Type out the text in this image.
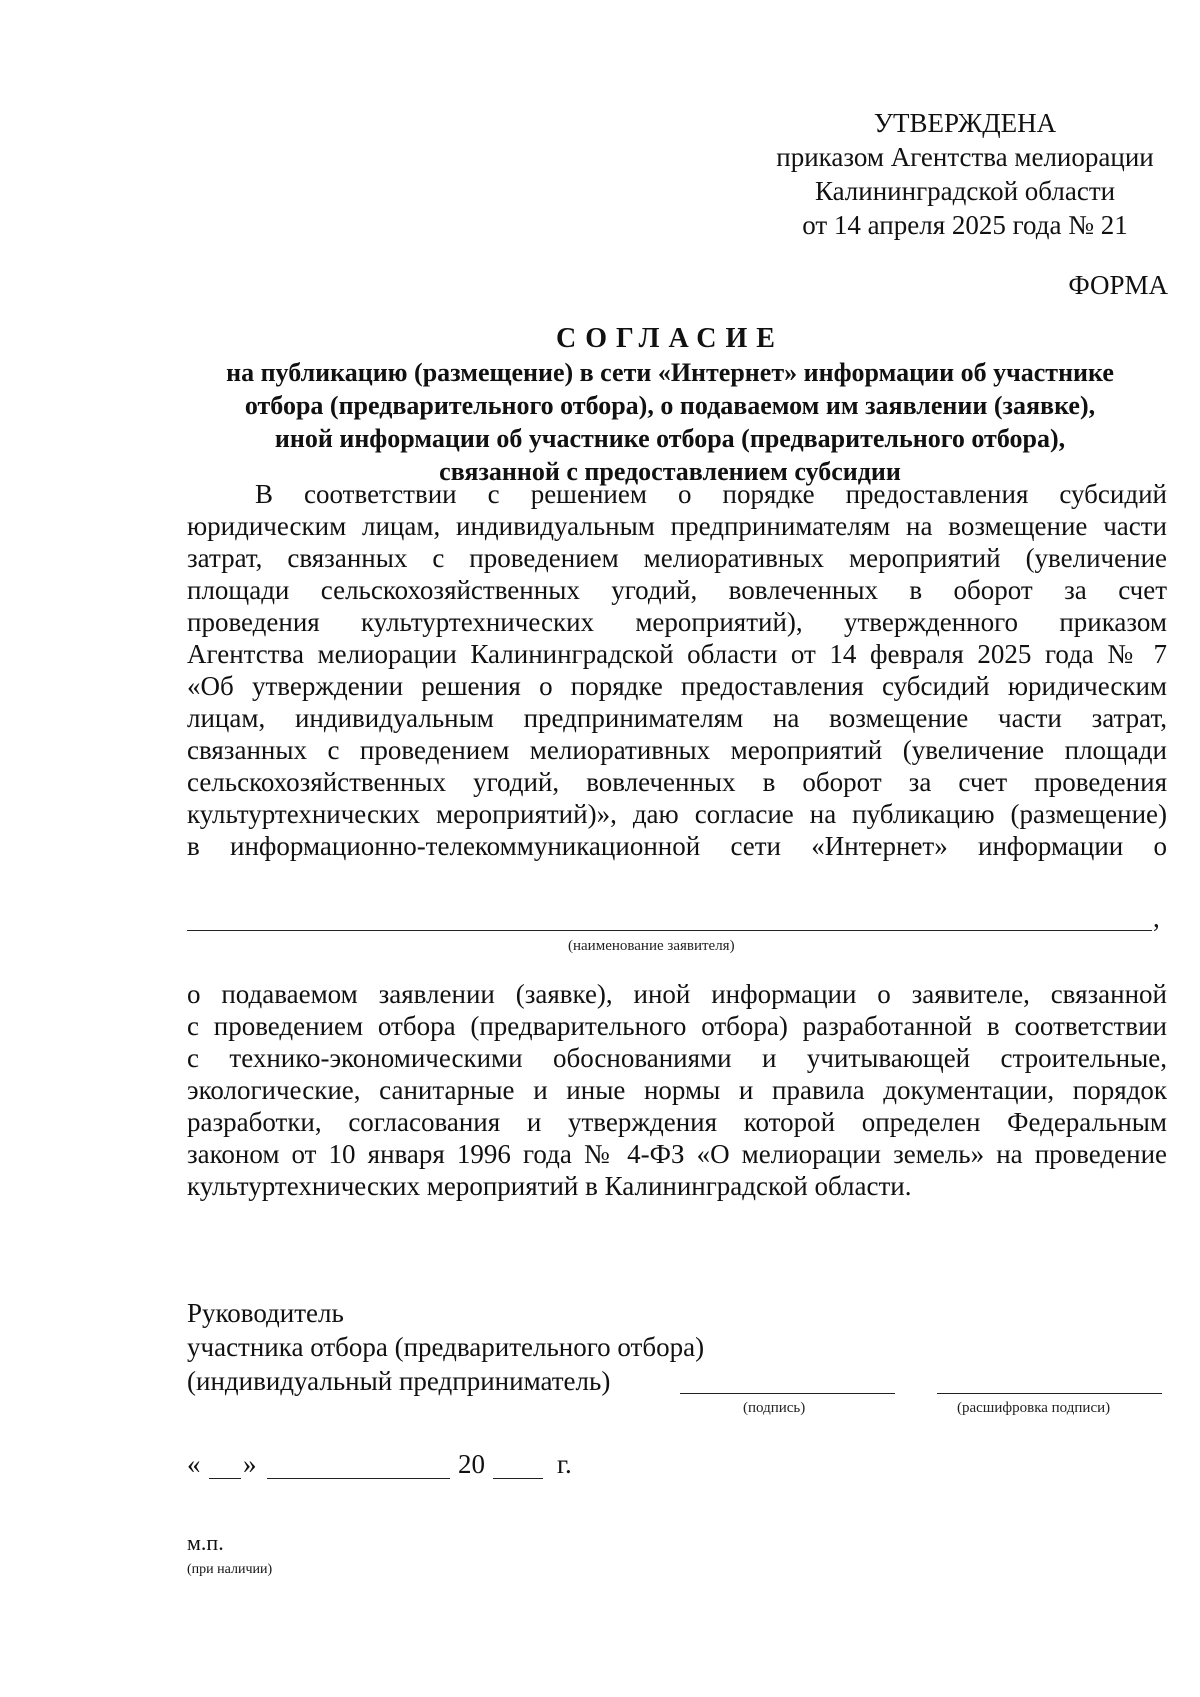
УТВЕРЖДЕНА
приказом Агентства мелиорации
Калининградской области
от 14 апреля 2025 года № 21
ФОРМА
СОГЛАСИЕ
на публикацию (размещение) в сети «Интернет» информации об участнике
отбора (предварительного отбора), о подаваемом им заявлении (заявке),
иной информации об участнике отбора (предварительного отбора),
связанной с предоставлением субсидии
В соответствии с решением о порядке предоставления субсидий
юридическим лицам, индивидуальным предпринимателям на возмещение части
затрат, связанных с проведением мелиоративных мероприятий (увеличение
площади сельскохозяйственных угодий, вовлеченных в оборот за счет
проведения культуртехнических мероприятий), утвержденного приказом
Агентства мелиорации Калининградской области от 14 февраля 2025 года № 7
«Об утверждении решения о порядке предоставления субсидий юридическим
лицам, индивидуальным предпринимателям на возмещение части затрат,
связанных с проведением мелиоративных мероприятий (увеличение площади
сельскохозяйственных угодий, вовлеченных в оборот за счет проведения
культуртехнических мероприятий)», даю согласие на публикацию (размещение)
в информационно-телекоммуникационной сети «Интернет» информации о
,
(наименование заявителя)
о подаваемом заявлении (заявке), иной информации о заявителе, связанной
с проведением отбора (предварительного отбора) разработанной в соответствии
с технико-экономическими обоснованиями и учитывающей строительные,
экологические, санитарные и иные нормы и правила документации, порядок
разработки, согласования и утверждения которой определен Федеральным
законом от 10 января 1996 года № 4-ФЗ «О мелиорации земель» на проведение
культуртехнических мероприятий в Калининградской области.
Руководитель
участника отбора (предварительного отбора)
(индивидуальный предприниматель)
(подпись)	(расшифровка подписи)
« »	20	г.
м.п.
(при наличии)
